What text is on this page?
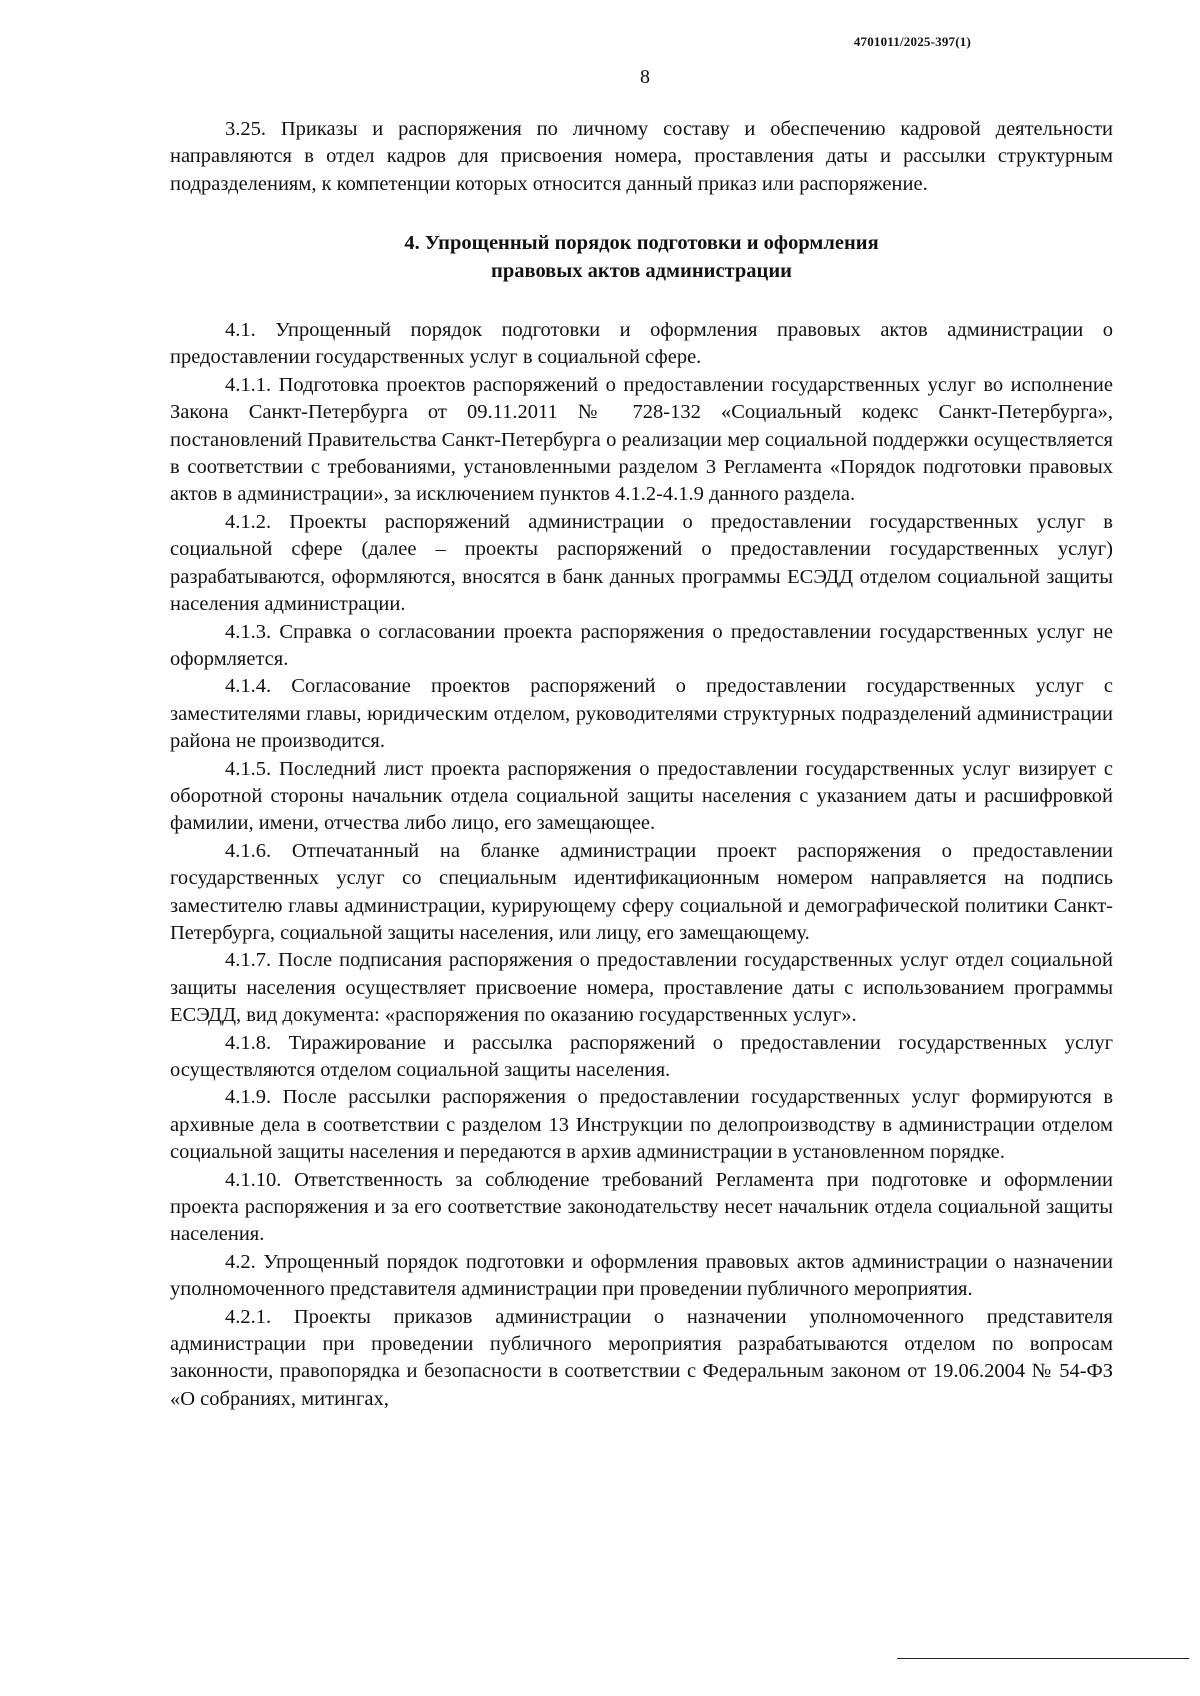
4701011/2025-397(1)
8

3.25. Приказы и распоряжения по личному составу и обеспечению кадровой деятельности направляются в отдел кадров для присвоения номера, проставления даты и рассылки структурным подразделениям, к компетенции которых относится данный приказ или распоряжение.

4. Упрощенный порядок подготовки и оформления
правовых актов администрации

4.1. Упрощенный порядок подготовки и оформления правовых актов администрации о предоставлении государственных услуг в социальной сфере.

4.1.1. Подготовка проектов распоряжений о предоставлении государственных услуг во исполнение Закона Санкт-Петербурга от 09.11.2011 № 728-132 «Социальный кодекс Санкт-Петербурга», постановлений Правительства Санкт-Петербурга о реализации мер социальной поддержки осуществляется в соответствии с требованиями, установленными разделом 3 Регламента «Порядок подготовки правовых актов в администрации», за исключением пунктов 4.1.2-4.1.9 данного раздела.

4.1.2. Проекты распоряжений администрации о предоставлении государственных услуг в социальной сфере (далее – проекты распоряжений о предоставлении государственных услуг) разрабатываются, оформляются, вносятся в банк данных программы ЕСЭДД отделом социальной защиты населения администрации.

4.1.3. Справка о согласовании проекта распоряжения о предоставлении государственных услуг не оформляется.

4.1.4. Согласование проектов распоряжений о предоставлении государственных услуг с заместителями главы, юридическим отделом, руководителями структурных подразделений администрации района не производится.

4.1.5. Последний лист проекта распоряжения о предоставлении государственных услуг визирует с оборотной стороны начальник отдела социальной защиты населения с указанием даты и расшифровкой фамилии, имени, отчества либо лицо, его замещающее.

4.1.6. Отпечатанный на бланке администрации проект распоряжения о предоставлении государственных услуг со специальным идентификационным номером направляется на подпись заместителю главы администрации, курирующему сферу социальной и демографической политики Санкт-Петербурга, социальной защиты населения, или лицу, его замещающему.

4.1.7. После подписания распоряжения о предоставлении государственных услуг отдел социальной защиты населения осуществляет присвоение номера, проставление даты с использованием программы ЕСЭДД, вид документа: «распоряжения по оказанию государственных услуг».

4.1.8. Тиражирование и рассылка распоряжений о предоставлении государственных услуг осуществляются отделом социальной защиты населения.

4.1.9. После рассылки распоряжения о предоставлении государственных услуг формируются в архивные дела в соответствии с разделом 13 Инструкции по делопроизводству в администрации отделом социальной защиты населения и передаются в архив администрации в установленном порядке.

4.1.10. Ответственность за соблюдение требований Регламента при подготовке и оформлении проекта распоряжения и за его соответствие законодательству несет начальник отдела социальной защиты населения.

4.2. Упрощенный порядок подготовки и оформления правовых актов администрации о назначении уполномоченного представителя администрации при проведении публичного мероприятия.

4.2.1. Проекты приказов администрации о назначении уполномоченного представителя администрации при проведении публичного мероприятия разрабатываются отделом по вопросам законности, правопорядка и безопасности в соответствии с Федеральным законом от 19.06.2004 № 54-ФЗ «О собраниях, митингах,
